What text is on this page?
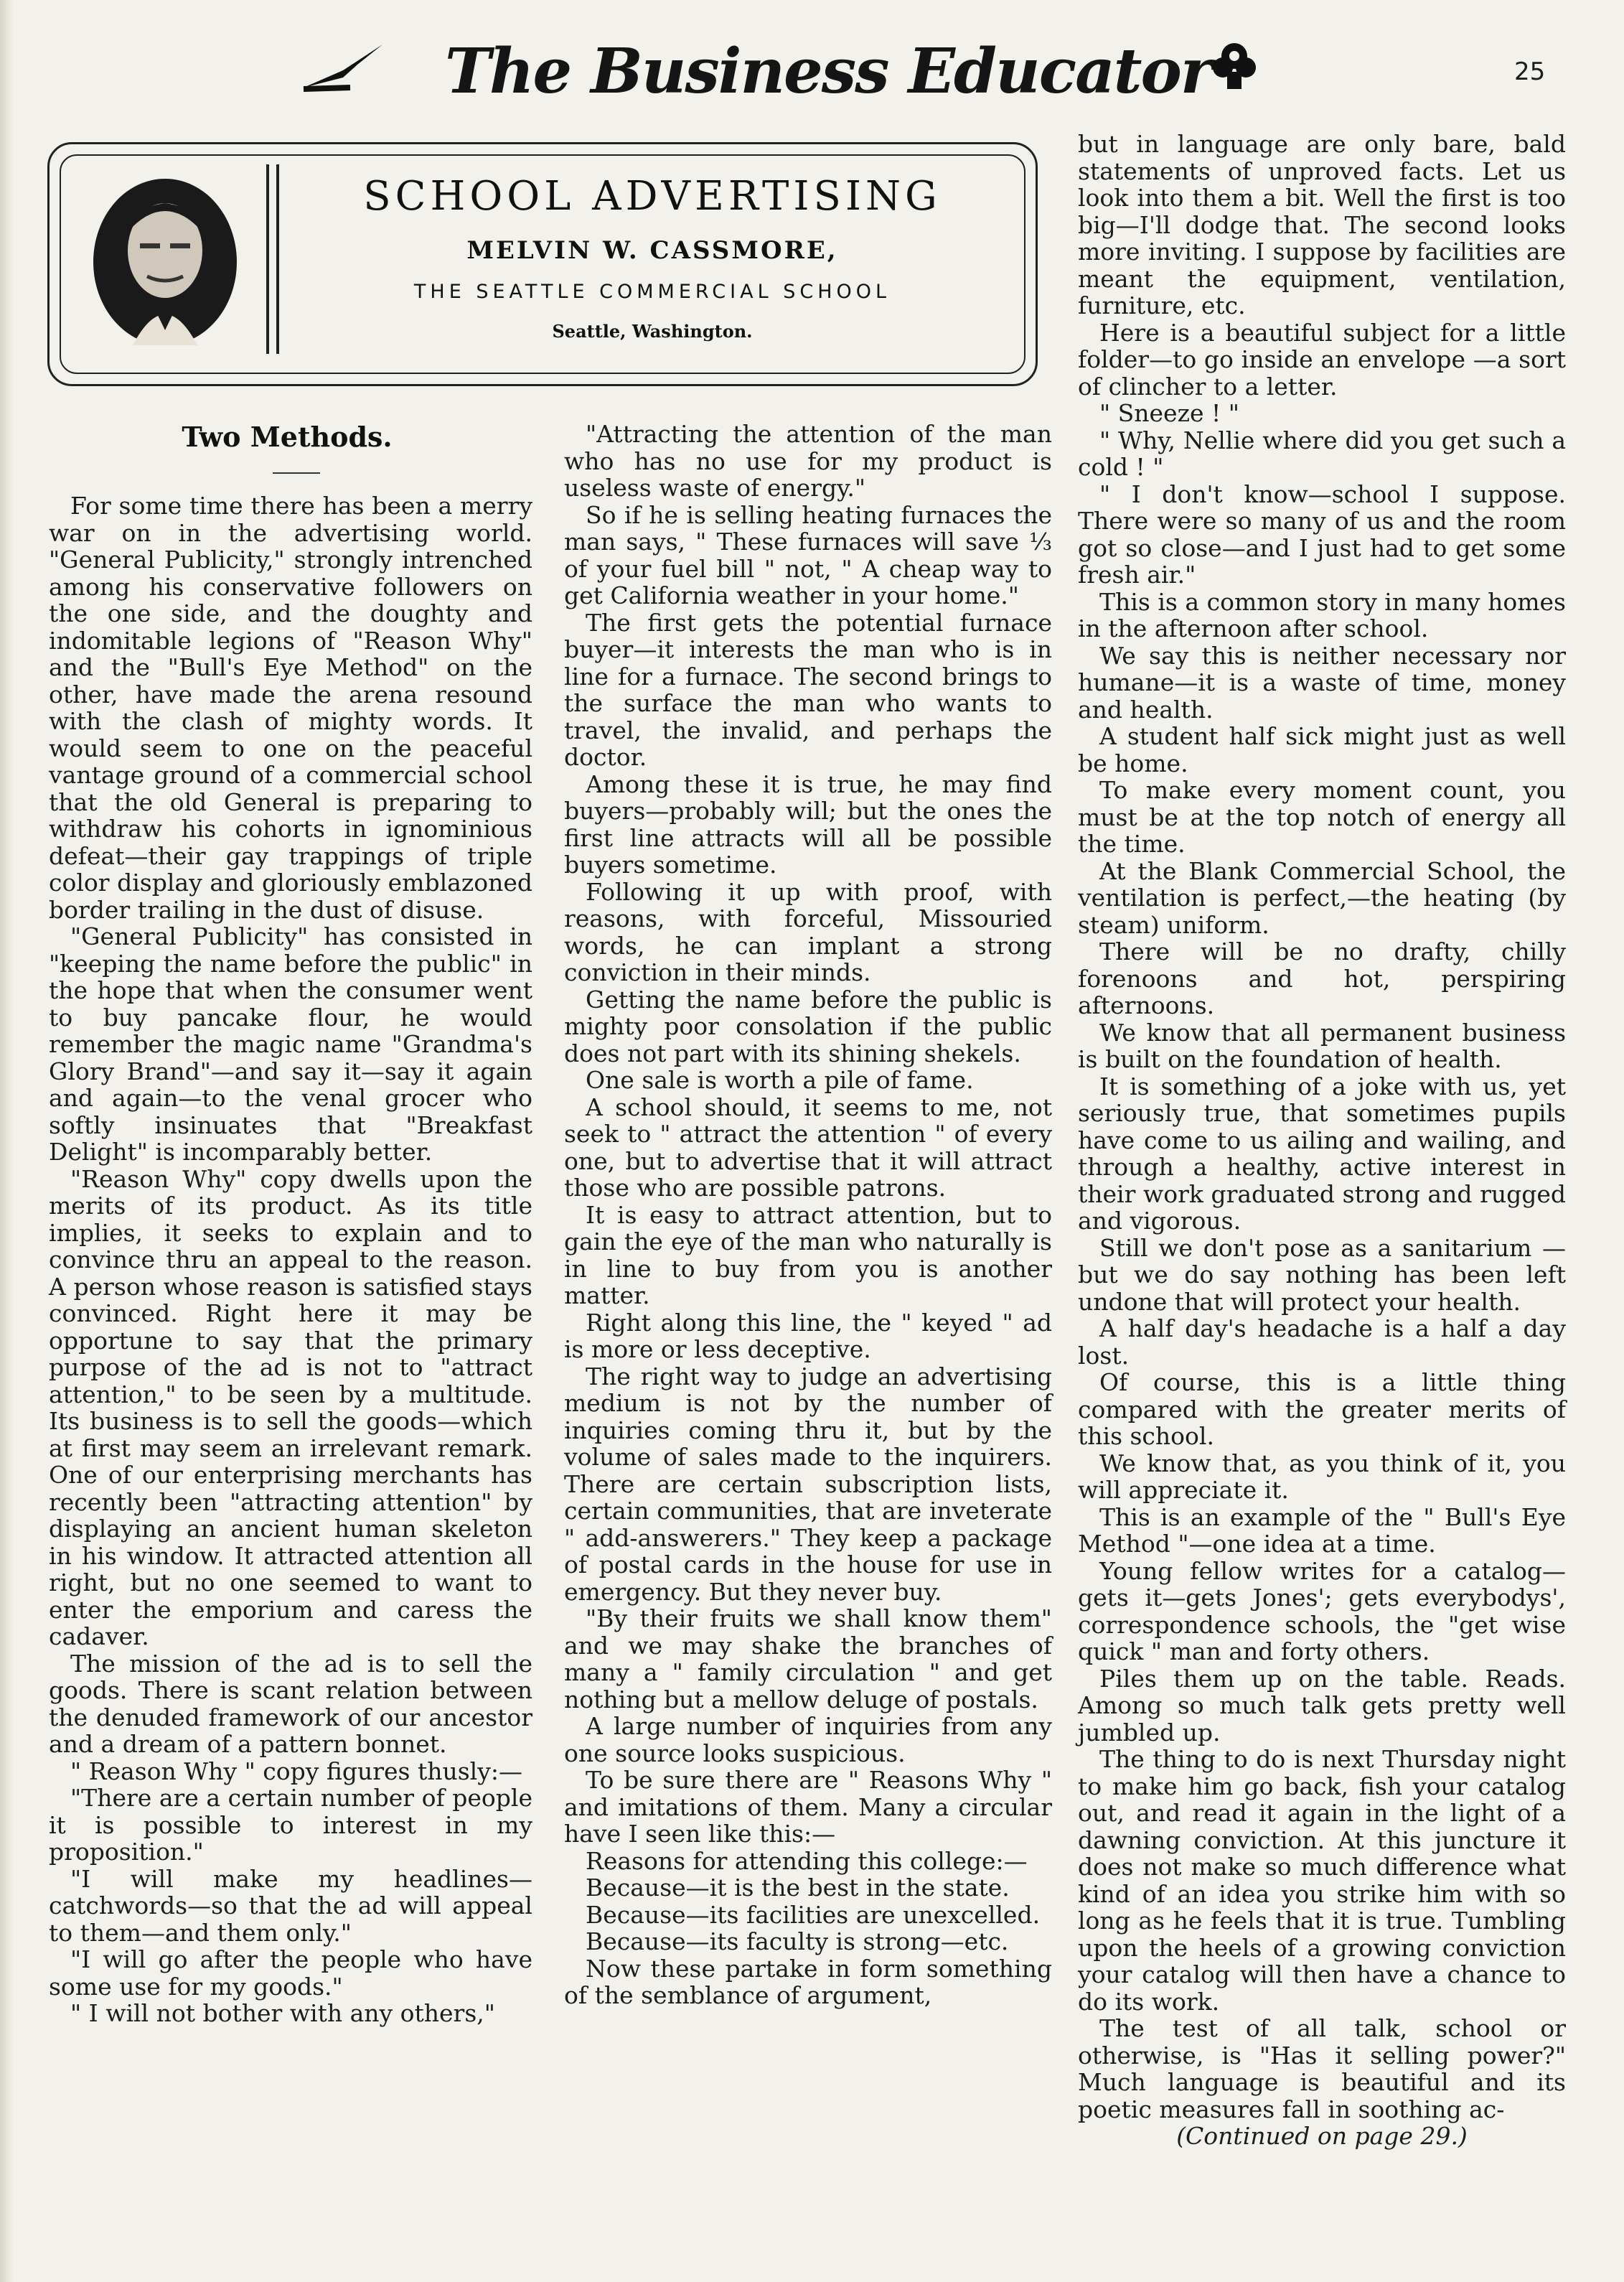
The Business Educator	25
SCHOOL ADVERTISING
MELVIN W. CASSMORE,
THE SEATTLE COMMERCIAL SCHOOL
Seattle, Washington.
Two Methods.

For some time there has been a merry war on in the advertising world. "General Publicity," strongly intrenched among his conservative followers on the one side, and the doughty and indomitable legions of "Reason Why" and the "Bull's Eye Method" on the other, have made the arena resound with the clash of mighty words. It would seem to one on the peaceful vantage ground of a commercial school that the old General is preparing to withdraw his cohorts in ignominious defeat—their gay trappings of triple color display and gloriously emblazoned border trailing in the dust of disuse.

"General Publicity" has consisted in "keeping the name before the public" in the hope that when the consumer went to buy pancake flour, he would remember the magic name "Grandma's Glory Brand"—and say it—say it again and again—to the venal grocer who softly insinuates that "Breakfast Delight" is incomparably better.

"Reason Why" copy dwells upon the merits of its product. As its title implies, it seeks to explain and to convince thru an appeal to the reason. A person whose reason is satisfied stays convinced. Right here it may be opportune to say that the primary purpose of the ad is not to "attract attention," to be seen by a multitude. Its business is to sell the goods—which at first may seem an irrelevant remark. One of our enterprising merchants has recently been "attracting attention" by displaying an ancient human skeleton in his window. It attracted attention all right, but no one seemed to want to enter the emporium and caress the cadaver.

The mission of the ad is to sell the goods. There is scant relation between the denuded framework of our ancestor and a dream of a pattern bonnet.

" Reason Why " copy figures thusly:—

"There are a certain number of people it is possible to interest in my proposition."

"I will make my headlines—catchwords—so that the ad will appeal to them—and them only."

"I will go after the people who have some use for my goods."

" I will not bother with any others,"

"Attracting the attention of the man who has no use for my product is useless waste of energy."

So if he is selling heating furnaces the man says, " These furnaces will save ⅓ of your fuel bill " not, " A cheap way to get California weather in your home."

The first gets the potential furnace buyer—it interests the man who is in line for a furnace. The second brings to the surface the man who wants to travel, the invalid, and perhaps the doctor.

Among these it is true, he may find buyers—probably will; but the ones the first line attracts will all be possible buyers sometime.

Following it up with proof, with reasons, with forceful, Missouried words, he can implant a strong conviction in their minds.

Getting the name before the public is mighty poor consolation if the public does not part with its shining shekels.

One sale is worth a pile of fame.

A school should, it seems to me, not seek to " attract the attention " of every one, but to advertise that it will attract those who are possible patrons.

It is easy to attract attention, but to gain the eye of the man who naturally is in line to buy from you is another matter.

Right along this line, the " keyed " ad is more or less deceptive.

The right way to judge an advertising medium is not by the number of inquiries coming thru it, but by the volume of sales made to the inquirers. There are certain subscription lists, certain communities, that are inveterate " add-answerers." They keep a package of postal cards in the house for use in emergency. But they never buy.

"By their fruits we shall know them" and we may shake the branches of many a " family circulation " and get nothing but a mellow deluge of postals.

A large number of inquiries from any one source looks suspicious.

To be sure there are " Reasons Why " and imitations of them. Many a circular have I seen like this:—

Reasons for attending this college:—

Because—it is the best in the state.

Because—its facilities are unexcelled.

Because—its faculty is strong—etc.

Now these partake in form something of the semblance of argument,

but in language are only bare, bald statements of unproved facts. Let us look into them a bit. Well the first is too big—I'll dodge that. The second looks more inviting. I suppose by facilities are meant the equipment, ventilation, furniture, etc.

Here is a beautiful subject for a little folder—to go inside an envelope —a sort of clincher to a letter.

" Sneeze ! "

" Why, Nellie where did you get such a cold ! "

" I don't know—school I suppose. There were so many of us and the room got so close—and I just had to get some fresh air."

This is a common story in many homes in the afternoon after school.

We say this is neither necessary nor humane—it is a waste of time, money and health.

A student half sick might just as well be home.

To make every moment count, you must be at the top notch of energy all the time.

At the Blank Commercial School, the ventilation is perfect,—the heating (by steam) uniform.

There will be no drafty, chilly forenoons and hot, perspiring afternoons.

We know that all permanent business is built on the foundation of health.

It is something of a joke with us, yet seriously true, that sometimes pupils have come to us ailing and wailing, and through a healthy, active interest in their work graduated strong and rugged and vigorous.

Still we don't pose as a sanitarium —but we do say nothing has been left undone that will protect your health.

A half day's headache is a half a day lost.

Of course, this is a little thing compared with the greater merits of this school.

We know that, as you think of it, you will appreciate it.

This is an example of the " Bull's Eye Method "—one idea at a time.

Young fellow writes for a catalog—gets it—gets Jones'; gets everybodys', correspondence schools, the "get wise quick " man and forty others.

Piles them up on the table. Reads. Among so much talk gets pretty well jumbled up.

The thing to do is next Thursday night to make him go back, fish your catalog out, and read it again in the light of a dawning conviction. At this juncture it does not make so much difference what kind of an idea you strike him with so long as he feels that it is true. Tumbling upon the heels of a growing conviction your catalog will then have a chance to do its work.

The test of all talk, school or otherwise, is "Has it selling power?" Much language is beautiful and its poetic measures fall in soothing ac-

(Continued on page 29.)
